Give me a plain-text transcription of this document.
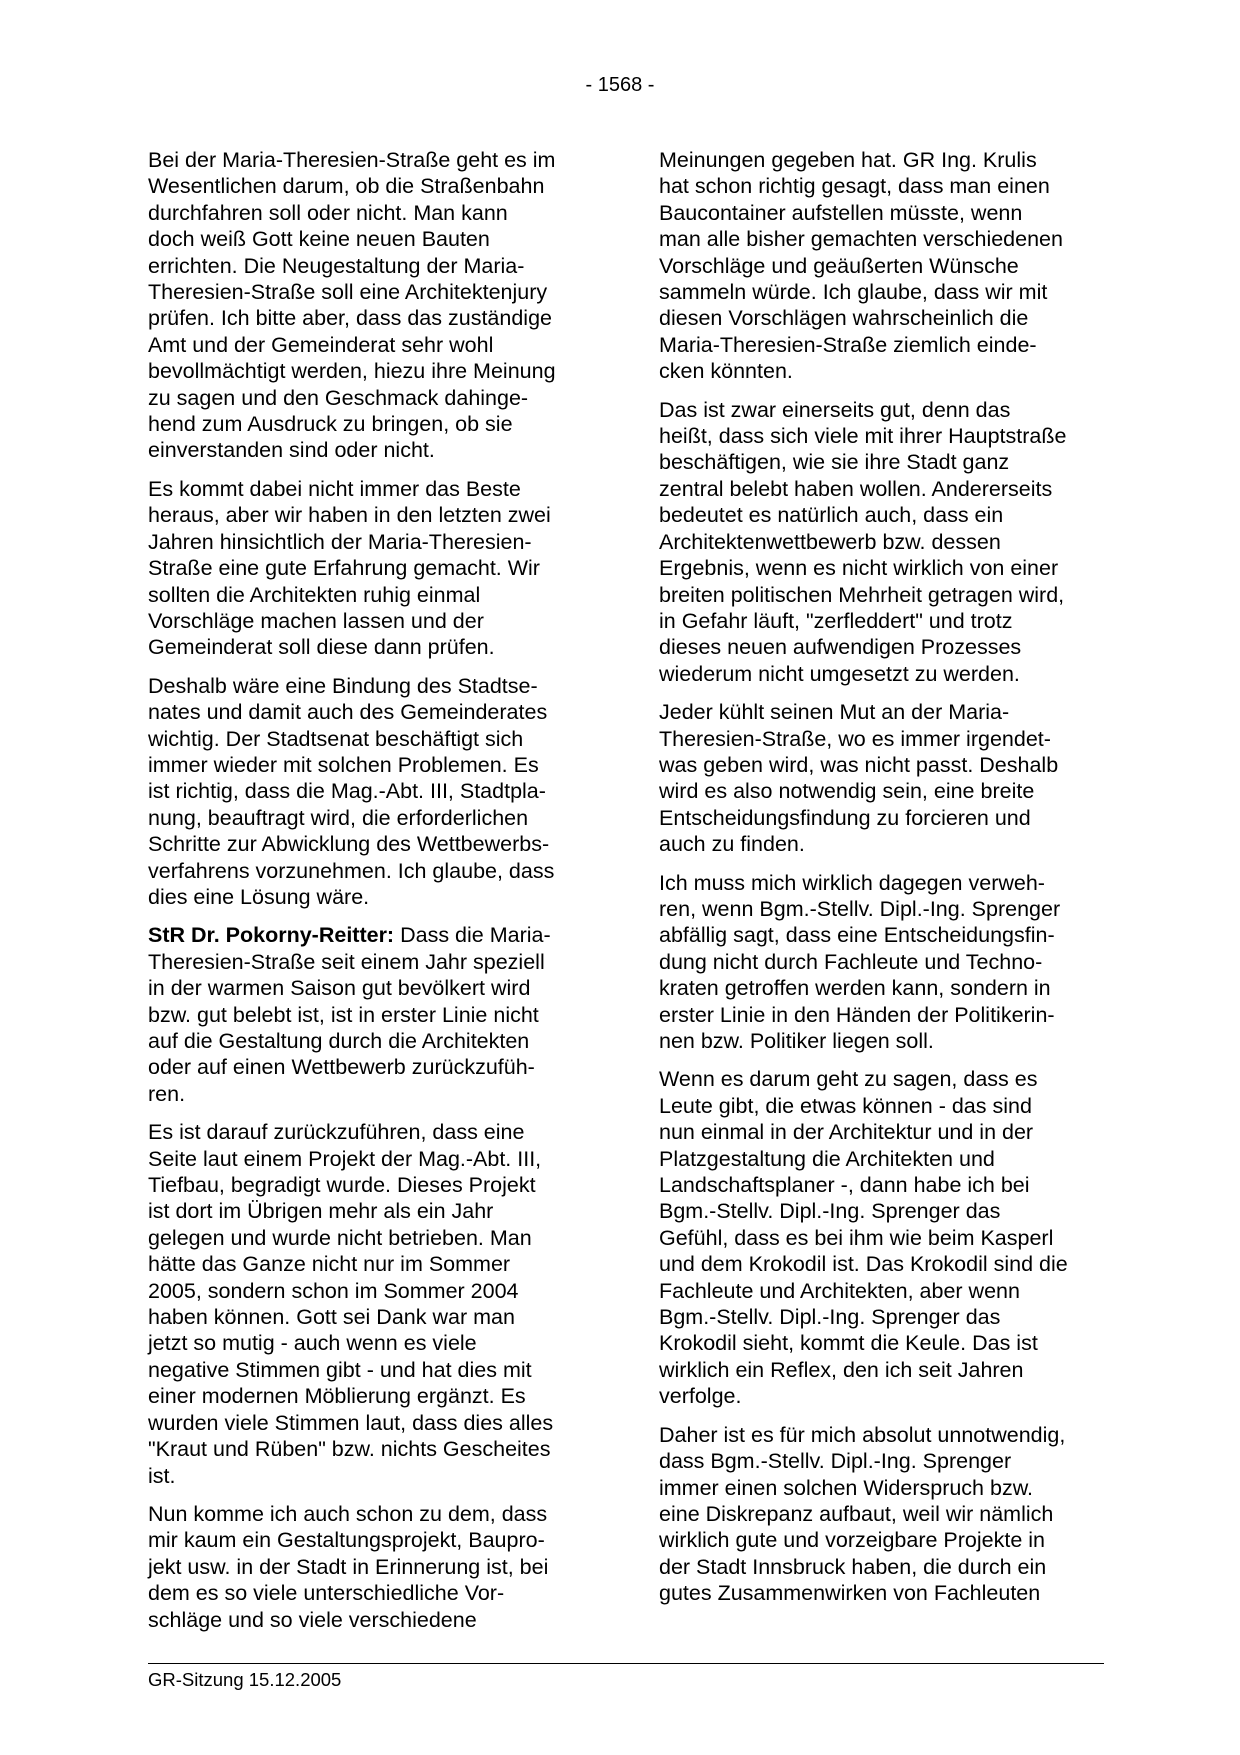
- 1568 -

Bei der Maria-Theresien-Straße geht es im
Wesentlichen darum, ob die Straßenbahn
durchfahren soll oder nicht. Man kann
doch weiß Gott keine neuen Bauten
errichten. Die Neugestaltung der Maria-
Theresien-Straße soll eine Architektenjury
prüfen. Ich bitte aber, dass das zuständige
Amt und der Gemeinderat sehr wohl
bevollmächtigt werden, hiezu ihre Meinung
zu sagen und den Geschmack dahinge-
hend zum Ausdruck zu bringen, ob sie
einverstanden sind oder nicht.

Es kommt dabei nicht immer das Beste
heraus, aber wir haben in den letzten zwei
Jahren hinsichtlich der Maria-Theresien-
Straße eine gute Erfahrung gemacht. Wir
sollten die Architekten ruhig einmal
Vorschläge machen lassen und der
Gemeinderat soll diese dann prüfen.

Deshalb wäre eine Bindung des Stadtse-
nates und damit auch des Gemeinderates
wichtig. Der Stadtsenat beschäftigt sich
immer wieder mit solchen Problemen. Es
ist richtig, dass die Mag.-Abt. III, Stadtpla-
nung, beauftragt wird, die erforderlichen
Schritte zur Abwicklung des Wettbewerbs-
verfahrens vorzunehmen. Ich glaube, dass
dies eine Lösung wäre.

StR Dr. Pokorny-Reitter: Dass die Maria-
Theresien-Straße seit einem Jahr speziell
in der warmen Saison gut bevölkert wird
bzw. gut belebt ist, ist in erster Linie nicht
auf die Gestaltung durch die Architekten
oder auf einen Wettbewerb zurückzufüh-
ren.

Es ist darauf zurückzuführen, dass eine
Seite laut einem Projekt der Mag.-Abt. III,
Tiefbau, begradigt wurde. Dieses Projekt
ist dort im Übrigen mehr als ein Jahr
gelegen und wurde nicht betrieben. Man
hätte das Ganze nicht nur im Sommer
2005, sondern schon im Sommer 2004
haben können. Gott sei Dank war man
jetzt so mutig - auch wenn es viele
negative Stimmen gibt - und hat dies mit
einer modernen Möblierung ergänzt. Es
wurden viele Stimmen laut, dass dies alles
"Kraut und Rüben" bzw. nichts Gescheites
ist.

Nun komme ich auch schon zu dem, dass
mir kaum ein Gestaltungsprojekt, Baupro-
jekt usw. in der Stadt in Erinnerung ist, bei
dem es so viele unterschiedliche Vor-
schläge und so viele verschiedene

Meinungen gegeben hat. GR Ing. Krulis
hat schon richtig gesagt, dass man einen
Baucontainer aufstellen müsste, wenn
man alle bisher gemachten verschiedenen
Vorschläge und geäußerten Wünsche
sammeln würde. Ich glaube, dass wir mit
diesen Vorschlägen wahrscheinlich die
Maria-Theresien-Straße ziemlich einde-
cken könnten.

Das ist zwar einerseits gut, denn das
heißt, dass sich viele mit ihrer Hauptstraße
beschäftigen, wie sie ihre Stadt ganz
zentral belebt haben wollen. Andererseits
bedeutet es natürlich auch, dass ein
Architektenwettbewerb bzw. dessen
Ergebnis, wenn es nicht wirklich von einer
breiten politischen Mehrheit getragen wird,
in Gefahr läuft, "zerfleddert" und trotz
dieses neuen aufwendigen Prozesses
wiederum nicht umgesetzt zu werden.

Jeder kühlt seinen Mut an der Maria-
Theresien-Straße, wo es immer irgendet-
was geben wird, was nicht passt. Deshalb
wird es also notwendig sein, eine breite
Entscheidungsfindung zu forcieren und
auch zu finden.

Ich muss mich wirklich dagegen verweh-
ren, wenn Bgm.-Stellv. Dipl.-Ing. Sprenger
abfällig sagt, dass eine Entscheidungsfin-
dung nicht durch Fachleute und Techno-
kraten getroffen werden kann, sondern in
erster Linie in den Händen der Politikerin-
nen bzw. Politiker liegen soll.

Wenn es darum geht zu sagen, dass es
Leute gibt, die etwas können - das sind
nun einmal in der Architektur und in der
Platzgestaltung die Architekten und
Landschaftsplaner -, dann habe ich bei
Bgm.-Stellv. Dipl.-Ing. Sprenger das
Gefühl, dass es bei ihm wie beim Kasperl
und dem Krokodil ist. Das Krokodil sind die
Fachleute und Architekten, aber wenn
Bgm.-Stellv. Dipl.-Ing. Sprenger das
Krokodil sieht, kommt die Keule. Das ist
wirklich ein Reflex, den ich seit Jahren
verfolge.

Daher ist es für mich absolut unnotwendig,
dass Bgm.-Stellv. Dipl.-Ing. Sprenger
immer einen solchen Widerspruch bzw.
eine Diskrepanz aufbaut, weil wir nämlich
wirklich gute und vorzeigbare Projekte in
der Stadt Innsbruck haben, die durch ein
gutes Zusammenwirken von Fachleuten

GR-Sitzung 15.12.2005
